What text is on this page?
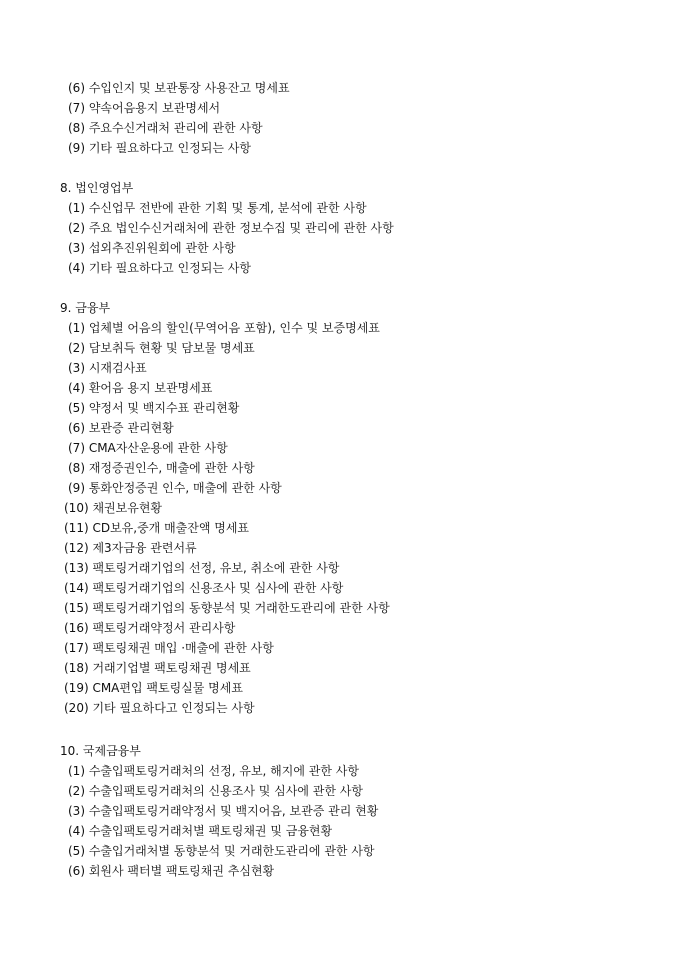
(6) 수입인지 및 보관통장 사용잔고 명세표
(7) 약속어음용지 보관명세서
(8) 주요수신거래처 관리에 관한 사항
(9) 기타 필요하다고 인정되는 사항
8. 법인영업부
(1) 수신업무 전반에 관한 기획 및 통계, 분석에 관한 사항
(2) 주요 법인수신거래처에 관한 정보수집 및 관리에 관한 사항
(3) 섭외추진위원회에 관한 사항
(4) 기타 필요하다고 인정되는 사항
9. 금융부
(1) 업체별 어음의 할인(무역어음 포함), 인수 및 보증명세표
(2) 담보취득 현황 및 담보물 명세표
(3) 시재검사표
(4) 환어음 용지 보관명세표
(5) 약정서 및 백지수표 관리현황
(6) 보관증 관리현황
(7) CMA자산운용에 관한 사항
(8) 재정증권인수, 매출에 관한 사항
(9) 통화안정증권 인수, 매출에 관한 사항
(10) 채권보유현황
(11) CD보유,중개 매출잔액 명세표
(12) 제3자금융 관련서류
(13) 팩토링거래기업의 선정, 유보, 취소에 관한 사항
(14) 팩토링거래기업의 신용조사 및 심사에 관한 사항
(15) 팩토링거래기업의 동향분석 및 거래한도관리에 관한 사항
(16) 팩토링거래약정서 관리사항
(17) 팩토링채권 매입 ·매출에 관한 사항
(18) 거래기업별 팩토링채권 명세표
(19) CMA편입 팩토링실물 명세표
(20) 기타 필요하다고 인정되는 사항
10. 국제금융부
(1) 수출입팩토링거래처의 선정, 유보, 해지에 관한 사항
(2) 수출입팩토링거래처의 신용조사 및 심사에 관한 사항
(3) 수출입팩토링거래약정서 및 백지어음, 보관증 관리 현황
(4) 수출입팩토링거래처별 팩토링채권 및 금융현황
(5) 수출입거래처별 동향분석 및 거래한도관리에 관한 사항
(6) 회원사 팩터별 팩토링채권 추심현황
